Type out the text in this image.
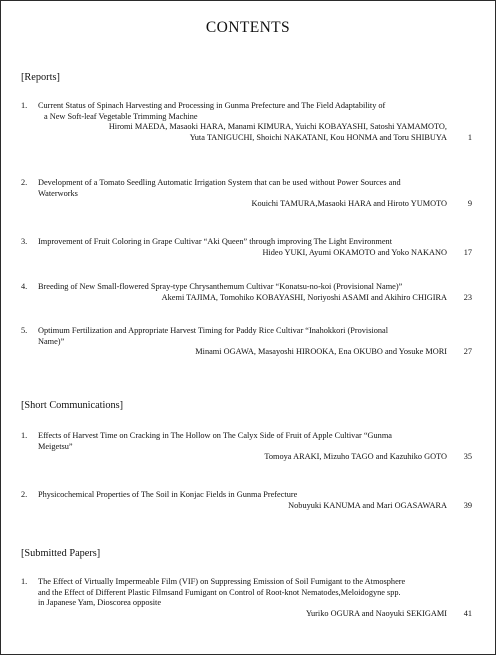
CONTENTS
[Reports]
1. Current Status of Spinach Harvesting and Processing in Gunma Prefecture and The Field Adaptability of
a New Soft-leaf Vegetable Trimming Machine
Hiromi MAEDA, Masaoki HARA, Manami KIMURA, Yuichi KOBAYASHI, Satoshi YAMAMOTO,
Yuta TANIGUCHI, Shoichi NAKATANI, Kou HONMA and Toru SHIBUYA	1
2. Development of a Tomato Seedling Automatic Irrigation System that can be used without Power Sources and
Waterworks
Kouichi TAMURA,Masaoki HARA and Hiroto YUMOTO	9
3. Improvement of Fruit Coloring in Grape Cultivar “Aki Queen” through improving The Light Environment
Hideo YUKI, Ayumi OKAMOTO and Yoko NAKANO	17
4. Breeding of New Small-flowered Spray-type Chrysanthemum Cultivar “Konatsu-no-koi (Provisional Name)”
Akemi TAJIMA, Tomohiko KOBAYASHI, Noriyoshi ASAMI and Akihiro CHIGIRA	23
5. Optimum Fertilization and Appropriate Harvest Timing for Paddy Rice Cultivar “Inahokkori (Provisional
Name)”
Minami OGAWA, Masayoshi HIROOKA, Ena OKUBO and Yosuke MORI	27
[Short Communications]
1. Effects of Harvest Time on Cracking in The Hollow on The Calyx Side of Fruit of Apple Cultivar “Gunma
Meigetsu”
Tomoya ARAKI, Mizuho TAGO and Kazuhiko GOTO	35
2. Physicochemical Properties of The Soil in Konjac Fields in Gunma Prefecture
Nobuyuki KANUMA and Mari OGASAWARA	39
[Submitted Papers]
1. The Effect of Virtually Impermeable Film (VIF) on Suppressing Emission of Soil Fumigant to the Atmosphere
and the Effect of Different Plastic Filmsand Fumigant on Control of Root-knot Nematodes,Meloidogyne spp.
in Japanese Yam, Dioscorea opposite
Yuriko OGURA and Naoyuki SEKIGAMI	41
